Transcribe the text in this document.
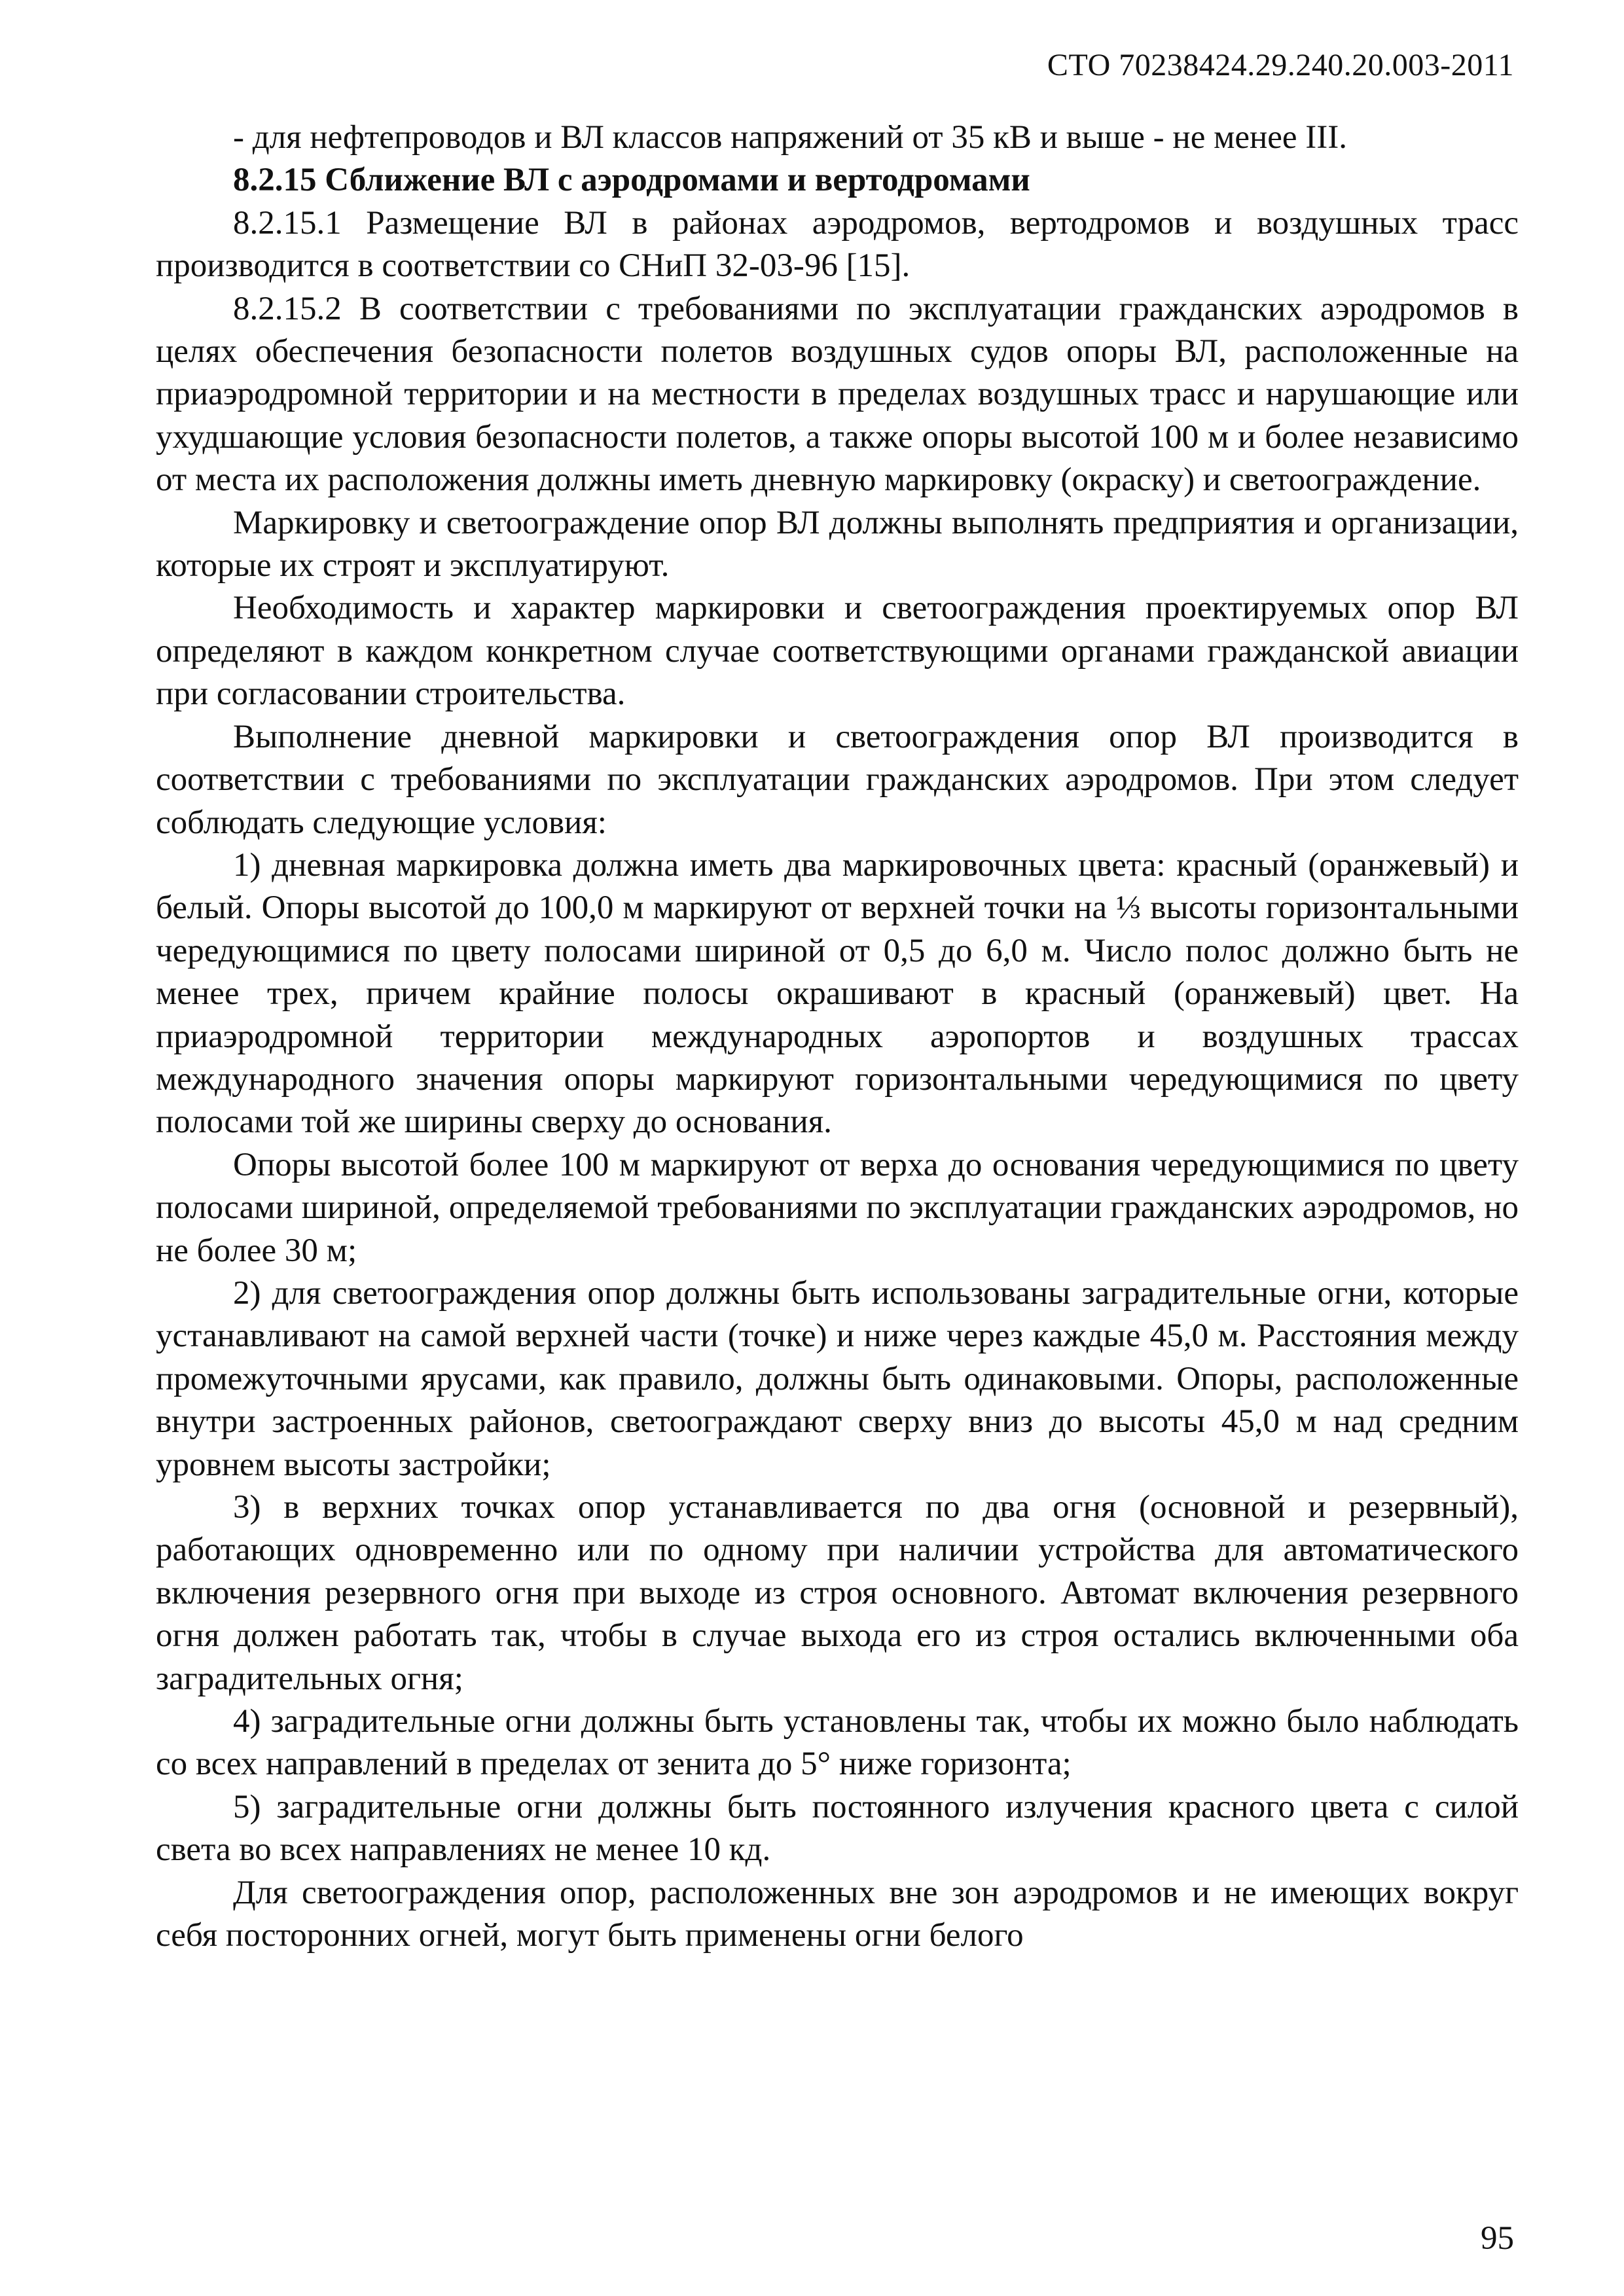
СТО 70238424.29.240.20.003-2011

- для нефтепроводов и ВЛ классов напряжений от 35 кВ и выше - не менее III.

8.2.15 Сближение ВЛ с аэродромами и вертодромами

8.2.15.1 Размещение ВЛ в районах аэродромов, вертодромов и воздушных трасс производится в соответствии со СНиП 32-03-96 [15].

8.2.15.2 В соответствии с требованиями по эксплуатации гражданских аэродромов в целях обеспечения безопасности полетов воздушных судов опоры ВЛ, расположенные на приаэродромной территории и на местности в пределах воздушных трасс и нарушающие или ухудшающие условия безопасности полетов, а также опоры высотой 100 м и более независимо от места их расположения должны иметь дневную маркировку (окраску) и светоограждение.

Маркировку и светоограждение опор ВЛ должны выполнять предприятия и организации, которые их строят и эксплуатируют.

Необходимость и характер маркировки и светоограждения проектируемых опор ВЛ определяют в каждом конкретном случае соответствующими органами гражданской авиации при согласовании строительства.

Выполнение дневной маркировки и светоограждения опор ВЛ производится в соответствии с требованиями по эксплуатации гражданских аэродромов. При этом следует соблюдать следующие условия:

1) дневная маркировка должна иметь два маркировочных цвета: красный (оранжевый) и белый. Опоры высотой до 100,0 м маркируют от верхней точки на ⅓ высоты горизонтальными чередующимися по цвету полосами шириной от 0,5 до 6,0 м. Число полос должно быть не менее трех, причем крайние полосы окрашивают в красный (оранжевый) цвет. На приаэродромной территории международных аэропортов и воздушных трассах международного значения опоры маркируют горизонтальными чередующимися по цвету полосами той же ширины сверху до основания.

Опоры высотой более 100 м маркируют от верха до основания чередующимися по цвету полосами шириной, определяемой требованиями по эксплуатации гражданских аэродромов, но не более 30 м;

2) для светоограждения опор должны быть использованы заградительные огни, которые устанавливают на самой верхней части (точке) и ниже через каждые 45,0 м. Расстояния между промежуточными ярусами, как правило, должны быть одинаковыми. Опоры, расположенные внутри застроенных районов, светоограждают сверху вниз до высоты 45,0 м над средним уровнем высоты застройки;

3) в верхних точках опор устанавливается по два огня (основной и резервный), работающих одновременно или по одному при наличии устройства для автоматического включения резервного огня при выходе из строя основного. Автомат включения резервного огня должен работать так, чтобы в случае выхода его из строя остались включенными оба заградительных огня;

4) заградительные огни должны быть установлены так, чтобы их можно было наблюдать со всех направлений в пределах от зенита до 5° ниже горизонта;

5) заградительные огни должны быть постоянного излучения красного цвета с силой света во всех направлениях не менее 10 кд.

Для светоограждения опор, расположенных вне зон аэродромов и не имеющих вокруг себя посторонних огней, могут быть применены огни белого

95
